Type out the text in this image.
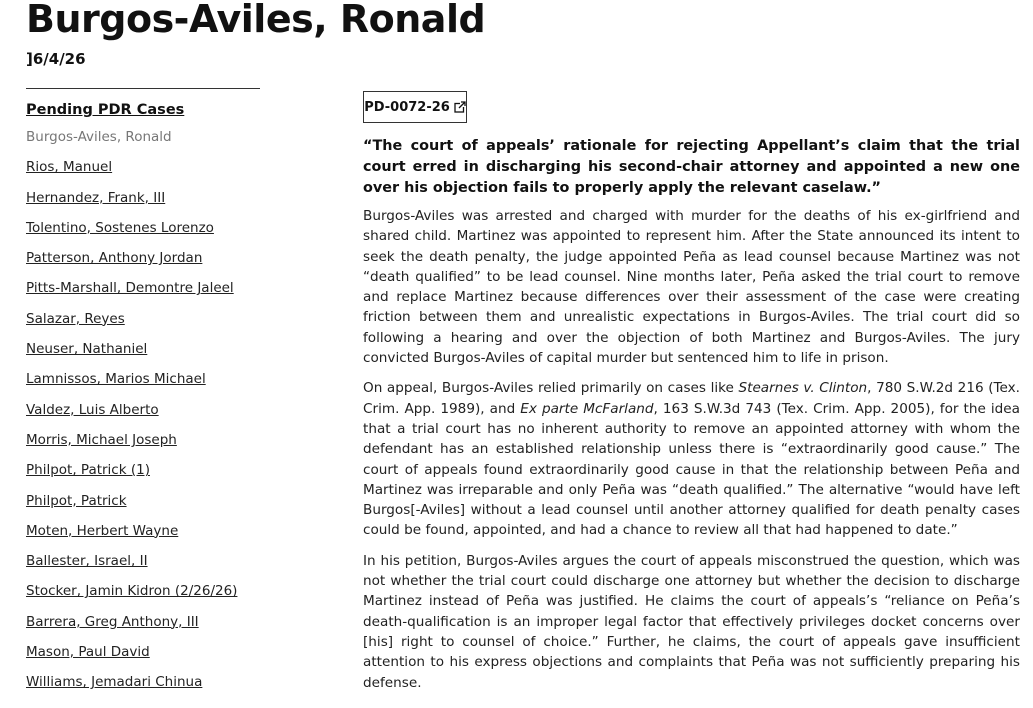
Burgos-Aviles, Ronald
]6/4/26
Pending PDR Cases
Burgos-Aviles, Ronald
Rios, Manuel
Hernandez, Frank, III
Tolentino, Sostenes Lorenzo
Patterson, Anthony Jordan
Pitts-Marshall, Demontre Jaleel
Salazar, Reyes
Neuser, Nathaniel
Lamnissos, Marios Michael
Valdez, Luis Alberto
Morris, Michael Joseph
Philpot, Patrick (1)
Philpot, Patrick
Moten, Herbert Wayne
Ballester, Israel, II
Stocker, Jamin Kidron (2/26/26)
Barrera, Greg Anthony, III
Mason, Paul David
Williams, Jemadari Chinua
PD-0072-26

“The court of appeals’ rationale for rejecting Appellant’s claim that the trial court erred in discharging his second-chair attorney and appointed a new one over his objection fails to properly apply the relevant caselaw.”

Burgos-Aviles was arrested and charged with murder for the deaths of his ex-girlfriend and shared child. Martinez was appointed to represent him. After the State announced its intent to seek the death penalty, the judge appointed Peña as lead counsel because Martinez was not “death qualified” to be lead counsel. Nine months later, Peña asked the trial court to remove and replace Martinez because differences over their assessment of the case were creating friction between them and unrealistic expectations in Burgos-Aviles. The trial court did so following a hearing and over the objection of both Martinez and Burgos-Aviles. The jury convicted Burgos-Aviles of capital murder but sentenced him to life in prison.

On appeal, Burgos-Aviles relied primarily on cases like Stearnes v. Clinton, 780 S.W.2d 216 (Tex. Crim. App. 1989), and Ex parte McFarland, 163 S.W.3d 743 (Tex. Crim. App. 2005), for the idea that a trial court has no inherent authority to remove an appointed attorney with whom the defendant has an established relationship unless there is “extraordinarily good cause.” The court of appeals found extraordinarily good cause in that the relationship between Peña and Martinez was irreparable and only Peña was “death qualified.” The alternative “would have left Burgos[-Aviles] without a lead counsel until another attorney qualified for death penalty cases could be found, appointed, and had a chance to review all that had happened to date.”

In his petition, Burgos-Aviles argues the court of appeals misconstrued the question, which was not whether the trial court could discharge one attorney but whether the decision to discharge Martinez instead of Peña was justified. He claims the court of appeals’s “reliance on Peña’s death-qualification is an improper legal factor that effectively privileges docket concerns over [his] right to counsel of choice.” Further, he claims, the court of appeals gave insufficient attention to his express objections and complaints that Peña was not sufficiently preparing his defense.
